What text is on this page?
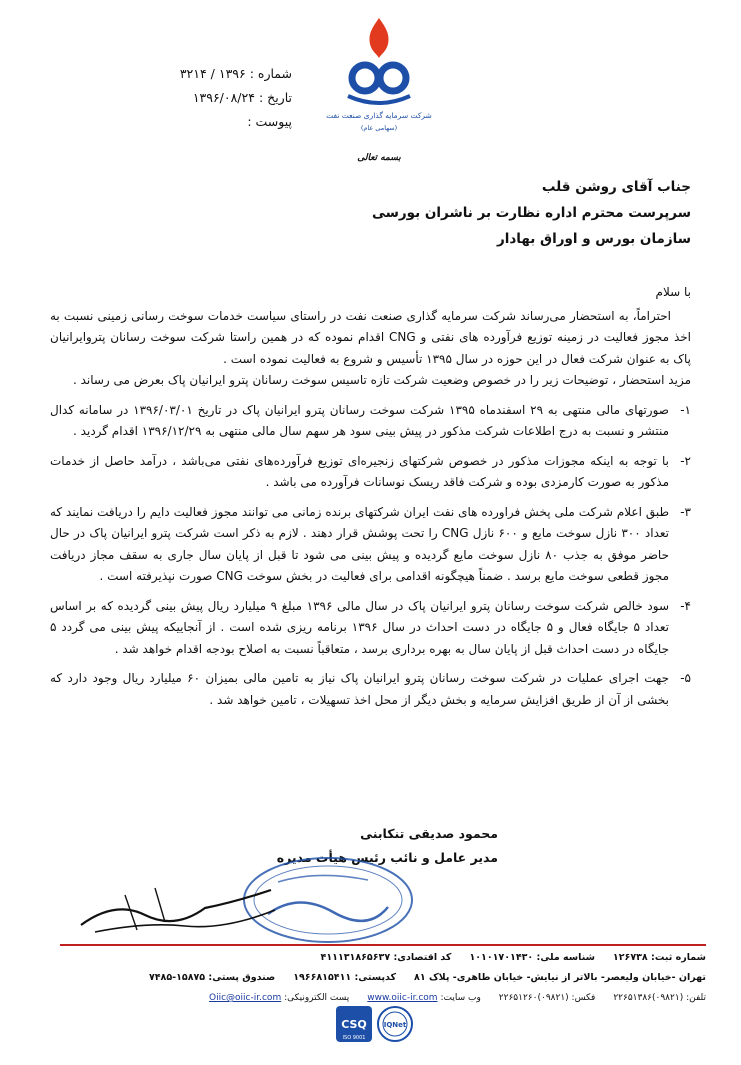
شماره : ۱۳۹۶ / ۳۲۱۴
تاریخ : ۱۳۹۶/۰۸/۲۴
پیوست :	شرکت سرمایه گذاری صنعت نفت
(سهامی عام)
بسمه تعالی
جناب آقای روشن قلب
سرپرست محترم اداره نظارت بر ناشران بورسی
سازمان بورس و اوراق بهادار

با سلام

احتراماً، به استحضار می‌رساند شرکت سرمایه گذاری صنعت نفت در راستای سیاست خدمات سوخت رسانی زمینی نسبت به اخذ مجوز فعالیت در زمینه توزیع فرآورده های نفتی و CNG اقدام نموده که در همین راستا شرکت سوخت رسانان پتروایرانیان پاک به عنوان شرکت فعال در این حوزه در سال ۱۳۹۵ تأسیس و شروع به فعالیت نموده است .

مزید استحضار ، توضیحات زیر را در خصوص وضعیت شرکت تازه تاسیس سوخت رسانان پترو ایرانیان پاک بعرض می رساند .

۱-
صورتهای مالی منتهی به ۲۹ اسفندماه ۱۳۹۵ شرکت سوخت رسانان پترو ایرانیان پاک در تاریخ ۱۳۹۶/۰۳/۰۱ در سامانه کدال منتشر و نسبت به درج اطلاعات شرکت مذکور در پیش بینی سود هر سهم سال مالی منتهی به ۱۳۹۶/۱۲/۲۹ اقدام گردید .

۲-
با توجه به اینکه مجوزات مذکور در خصوص شرکتهای زنجیره‌ای توزیع فرآورده‌های نفتی می‌باشد ، درآمد حاصل از خدمات مذکور به صورت کارمزدی بوده و شرکت فاقد ریسک نوسانات فرآورده می باشد .

۳-
طبق اعلام شرکت ملی پخش فراورده های نفت ایران شرکتهای برنده زمانی می توانند مجوز فعالیت دایم را دریافت نمایند که تعداد ۳۰۰ نازل سوخت مایع و ۶۰۰ نازل CNG را تحت پوشش قرار دهند . لازم به ذکر است شرکت پترو ایرانیان پاک در حال حاضر موفق به جذب ۸۰ نازل سوخت مایع گردیده و پیش بینی می شود تا قبل از پایان سال جاری به سقف مجاز دریافت مجوز قطعی سوخت مایع برسد . ضمناً هیچگونه اقدامی برای فعالیت در بخش سوخت CNG صورت نپذیرفته است .

۴-
سود خالص شرکت سوخت رسانان پترو ایرانیان پاک در سال مالی ۱۳۹۶ مبلغ ۹ میلیارد ریال پیش بینی گردیده که بر اساس تعداد ۵ جایگاه فعال و ۵ جایگاه در دست احداث در سال ۱۳۹۶ برنامه ریزی شده است . از آنجاییکه پیش بینی می گردد ۵ جایگاه در دست احداث قبل از پایان سال به بهره برداری برسد ، متعاقباً نسبت به اصلاح بودجه اقدام خواهد شد .

۵-
جهت اجرای عملیات در شرکت سوخت رسانان پترو ایرانیان پاک نیاز به تامین مالی بمیزان ۶۰ میلیارد ریال وجود دارد که بخشی از آن از طریق افزایش سرمایه و بخش دیگر از محل اخذ تسهیلات ، تامین خواهد شد .

محمود صدیقی تنکابنی
مدیر عامل و نائب رئیس هیأت مدیره
شماره ثبت: ۱۲۶۷۳۸
شناسه ملی: ۱۰۱۰۱۷۰۱۴۳۰
کد اقتصادی: ۴۱۱۱۳۱۸۶۵۶۳۷
تهران -خیابان ولیعصر- بالاتر از نیایش- خیابان طاهری- پلاک ۸۱
کدپستی: ۱۹۶۶۸۱۵۴۱۱
صندوق پستی: ۱۵۸۷۵-۷۴۸۵
تلفن: (۰۹۸۲۱)۲۲۶۵۱۳۸۶
فکس: (۰۹۸۲۱)۲۲۶۵۱۲۶۰
وب سایت: www.oiic-ir.com
پست الکترونیکی: Oiic@oiic-ir.com
CSQ
ISO 9001
IQNet
